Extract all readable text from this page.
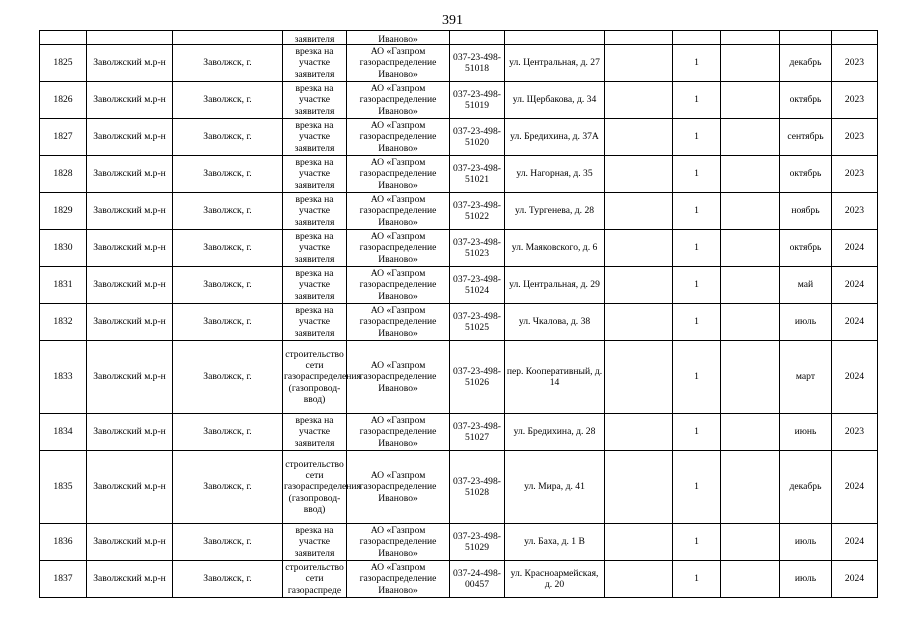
391
			заявителя	Иваново»							
1825	Заволжский м.р-н	Заволжск, г.	врезка на участке заявителя	АО «Газпром газораспределение Иваново»	037-23-498-51018	ул. Центральная, д. 27		1		декабрь	2023
1826	Заволжский м.р-н	Заволжск, г.	врезка на участке заявителя	АО «Газпром газораспределение Иваново»	037-23-498-51019	ул. Щербакова, д. 34		1		октябрь	2023
1827	Заволжский м.р-н	Заволжск, г.	врезка на участке заявителя	АО «Газпром газораспределение Иваново»	037-23-498-51020	ул. Бредихина, д. 37А		1		сентябрь	2023
1828	Заволжский м.р-н	Заволжск, г.	врезка на участке заявителя	АО «Газпром газораспределение Иваново»	037-23-498-51021	ул. Нагорная, д. 35		1		октябрь	2023
1829	Заволжский м.р-н	Заволжск, г.	врезка на участке заявителя	АО «Газпром газораспределение Иваново»	037-23-498-51022	ул. Тургенева, д. 28		1		ноябрь	2023
1830	Заволжский м.р-н	Заволжск, г.	врезка на участке заявителя	АО «Газпром газораспределение Иваново»	037-23-498-51023	ул. Маяковского, д. 6		1		октябрь	2024
1831	Заволжский м.р-н	Заволжск, г.	врезка на участке заявителя	АО «Газпром газораспределение Иваново»	037-23-498-51024	ул. Центральная, д. 29		1		май	2024
1832	Заволжский м.р-н	Заволжск, г.	врезка на участке заявителя	АО «Газпром газораспределение Иваново»	037-23-498-51025	ул. Чкалова, д. 38		1		июль	2024
1833	Заволжский м.р-н	Заволжск, г.	строительство сети газораспределения (газопровод-ввод)	АО «Газпром газораспределение Иваново»	037-23-498-51026	пер. Кооперативный, д. 14		1		март	2024
1834	Заволжский м.р-н	Заволжск, г.	врезка на участке заявителя	АО «Газпром газораспределение Иваново»	037-23-498-51027	ул. Бредихина, д. 28		1		июнь	2023
1835	Заволжский м.р-н	Заволжск, г.	строительство сети газораспределения (газопровод-ввод)	АО «Газпром газораспределение Иваново»	037-23-498-51028	ул. Мира, д. 41		1		декабрь	2024
1836	Заволжский м.р-н	Заволжск, г.	врезка на участке заявителя	АО «Газпром газораспределение Иваново»	037-23-498-51029	ул. Баха, д. 1 В		1		июль	2024
1837	Заволжский м.р-н	Заволжск, г.	строительство сети газораспреде	АО «Газпром газораспределение Иваново»	037-24-498-00457	ул. Красноармейская, д. 20		1		июль	2024
